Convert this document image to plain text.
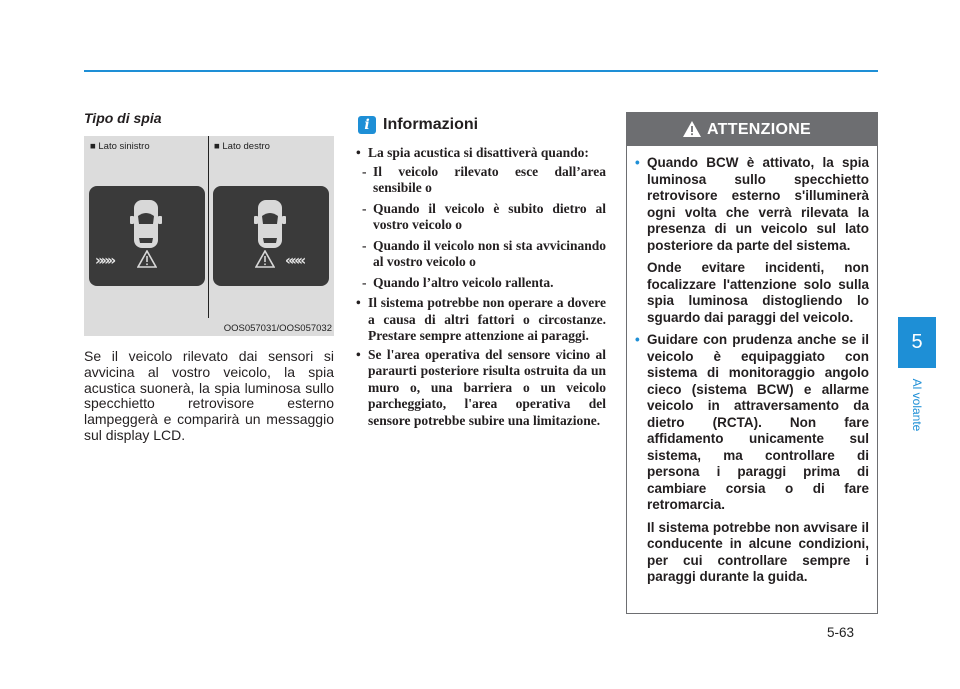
Tipo di spia
■ Lato sinistro	■ Lato destro
»»»	«««
OOS057031/OOS057032
Se il veicolo rilevato dai sensori si avvicina al vostro veicolo, la spia acustica suonerà, la spia luminosa sullo specchietto retrovisore esterno lampeggerà e comparirà un messaggio sul display LCD.
i Informazioni
• La spia acustica si disattiverà quando:
- Il veicolo rilevato esce dall’area sensibile o
- Quando il veicolo è subito dietro al vostro veicolo o
- Quando il veicolo non si sta avvicinando al vostro veicolo o
- Quando l’altro veicolo rallenta.
• Il sistema potrebbe non operare a dovere a causa di altri fattori o circostanze. Prestare sempre attenzione ai paraggi.
• Se l'area operativa del sensore vicino al paraurti posteriore risulta ostruita da un muro o, una barriera o un veicolo parcheggiato, l'area operativa del sensore potrebbe subire una limitazione.
ATTENZIONE
• Quando BCW è attivato, la spia luminosa sullo specchietto retrovisore esterno s'illuminerà ogni volta che verrà rilevata la presenza di un veicolo sul lato posteriore da parte del sistema.
Onde evitare incidenti, non focalizzare l'attenzione solo sulla spia luminosa distogliendo lo sguardo dai paraggi del veicolo.
• Guidare con prudenza anche se il veicolo è equipaggiato con sistema di monitoraggio angolo cieco (sistema BCW) e allarme veicolo in attraversamento da dietro (RCTA). Non fare affidamento unicamente sul sistema, ma controllare di persona i paraggi prima di cambiare corsia o di fare retromarcia.
Il sistema potrebbe non avvisare il conducente in alcune condizioni, per cui controllare sempre i paraggi durante la guida.
5
Al volante
5-63
